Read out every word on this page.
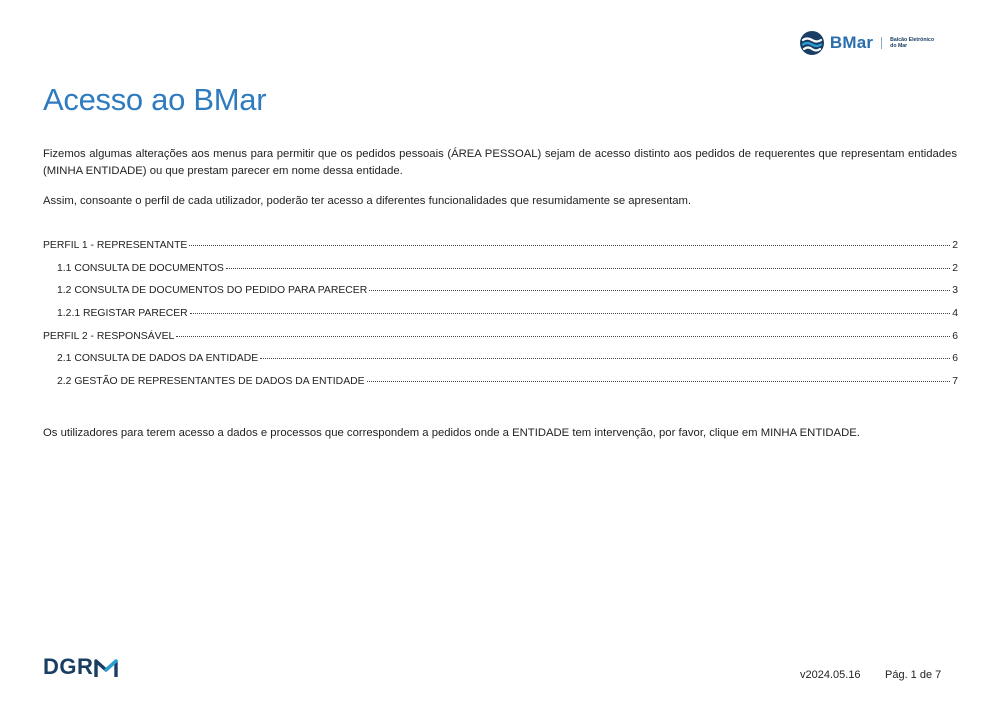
BMar	Balcão Eletrónico
do Mar
Acesso ao BMar

Fizemos algumas alterações aos menus para permitir que os pedidos pessoais (ÁREA PESSOAL) sejam de acesso distinto aos pedidos de requerentes que representam entidades (MINHA ENTIDADE) ou que prestam parecer em nome dessa entidade.

Assim, consoante o perfil de cada utilizador, poderão ter acesso a diferentes funcionalidades que resumidamente se apresentam.

PERFIL 1 - REPRESENTANTE	2
1.1 CONSULTA DE DOCUMENTOS	2
1.2 CONSULTA DE DOCUMENTOS DO PEDIDO PARA PARECER	3
1.2.1 REGISTAR PARECER	4
PERFIL 2 - RESPONSÁVEL	6
2.1 CONSULTA DE DADOS DA ENTIDADE	6
2.2 GESTÃO DE REPRESENTANTES DE DADOS DA ENTIDADE	7

Os utilizadores para terem acesso a dados e processos que correspondem a pedidos onde a ENTIDADE tem intervenção, por favor, clique em MINHA ENTIDADE.

DGR	v2024.05.16 Pág. 1 de 7
